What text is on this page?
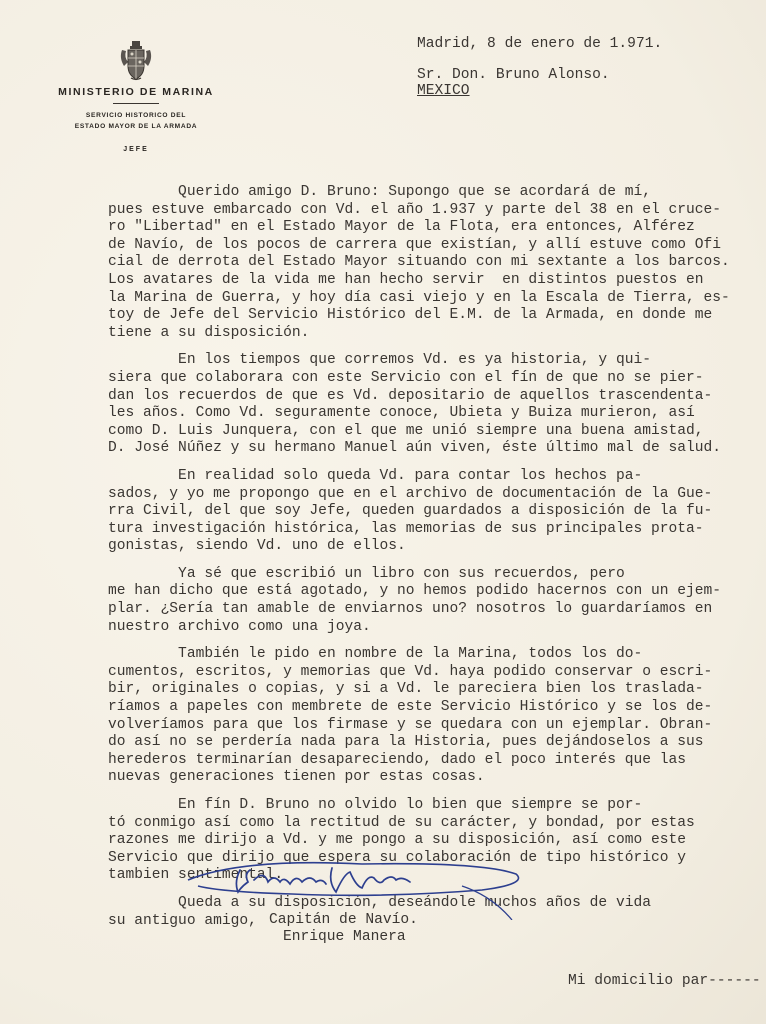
MINISTERIO DE MARINA
SERVICIO HISTORICO DEL
ESTADO MAYOR DE LA ARMADA
JEFE
Madrid, 8 de enero de 1.971.
Sr. Don. Bruno Alonso.
MEXICO
Querido amigo D. Bruno: Supongo que se acordará de mí,
pues estuve embarcado con Vd. el año 1.937 y parte del 38 en el cruce-
ro "Libertad" en el Estado Mayor de la Flota, era entonces, Alférez
de Navío, de los pocos de carrera que existían, y allí estuve como Ofi
cial de derrota del Estado Mayor situando con mi sextante a los barcos.
Los avatares de la vida me han hecho servir  en distintos puestos en
la Marina de Guerra, y hoy día casi viejo y en la Escala de Tierra, es-
toy de Jefe del Servicio Histórico del E.M. de la Armada, en donde me
tiene a su disposición.
En los tiempos que corremos Vd. es ya historia, y qui-
siera que colaborara con este Servicio con el fín de que no se pier-
dan los recuerdos de que es Vd. depositario de aquellos trascendenta-
les años. Como Vd. seguramente conoce, Ubieta y Buiza murieron, así
como D. Luis Junquera, con el que me unió siempre una buena amistad,
D. José Núñez y su hermano Manuel aún viven, éste último mal de salud.
En realidad solo queda Vd. para contar los hechos pa-
sados, y yo me propongo que en el archivo de documentación de la Gue-
rra Civil, del que soy Jefe, queden guardados a disposición de la fu-
tura investigación histórica, las memorias de sus principales prota-
gonistas, siendo Vd. uno de ellos.
Ya sé que escribió un libro con sus recuerdos, pero
me han dicho que está agotado, y no hemos podido hacernos con un ejem-
plar. ¿Sería tan amable de enviarnos uno? nosotros lo guardaríamos en
nuestro archivo como una joya.
También le pido en nombre de la Marina, todos los do-
cumentos, escritos, y memorias que Vd. haya podido conservar o escri-
bir, originales o copias, y si a Vd. le pareciera bien los traslada-
ríamos a papeles con membrete de este Servicio Histórico y se los de-
volveríamos para que los firmase y se quedara con un ejemplar. Obran-
do así no se perdería nada para la Historia, pues dejándoselos a sus
herederos terminarían desapareciendo, dado el poco interés que las
nuevas generaciones tienen por estas cosas.
En fín D. Bruno no olvido lo bien que siempre se por-
tó conmigo así como la rectitud de su carácter, y bondad, por estas
razones me dirijo a Vd. y me pongo a su disposición, así como este
Servicio que dirijo que espera su colaboración de tipo histórico y
tambien sentimental.
Queda a su disposición, deseándole muchos años de vida
su antiguo amigo, Capitán de Navío.
Enrique Manera
Mi domicilio par------
